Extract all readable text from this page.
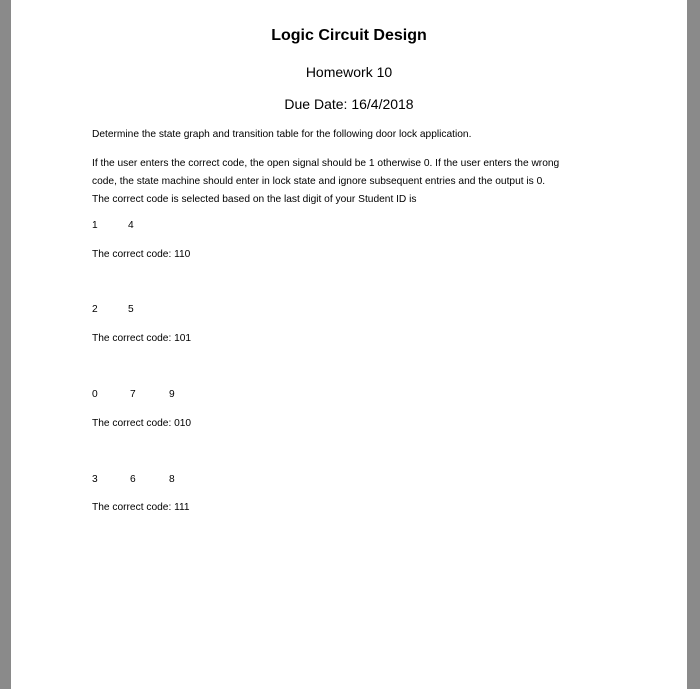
Logic Circuit Design
Homework 10
Due Date: 16/4/2018
Determine the state graph and transition table for the following door lock application.
If the user enters the correct code, the open signal should be 1 otherwise 0. If the user enters the wrong
code, the state machine should enter in lock state and ignore subsequent entries and the output is 0.
The correct code is selected based on the last digit of your Student ID is
1	4
The correct code: 110
2	5
The correct code: 101
0	7	9
The correct code: 010
3	6	8
The correct code: 111
